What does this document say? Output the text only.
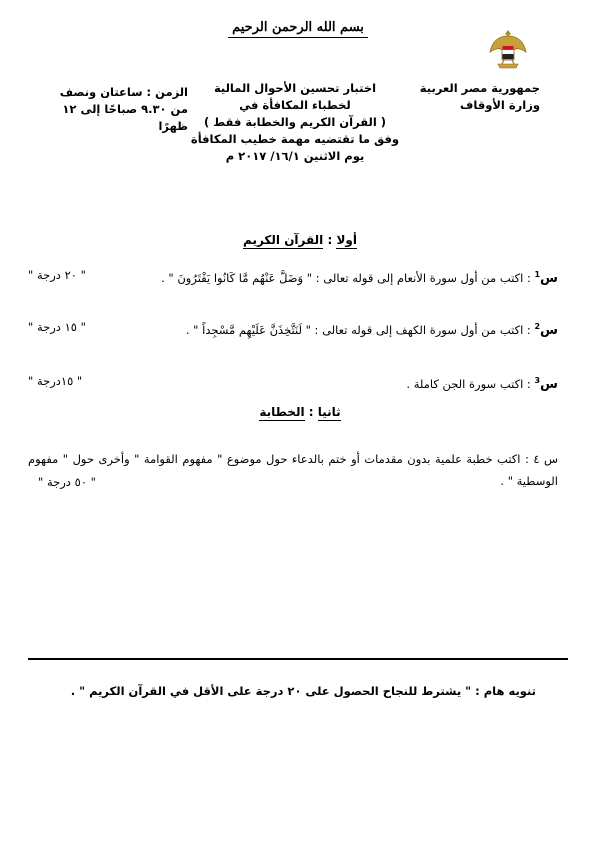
بسم الله الرحمن الرحيم
جمهورية مصر العربية
وزارة الأوقاف
اختبار تحسين الأحوال المالية
لخطباء المكافأة في
( القرآن الكريم والخطابة فقط )
وفق ما تقتضيه مهمة خطيب المكافأة
يوم الاثنين ١٦/١/ ٢٠١٧ م
الزمن : ساعتان ونصف
من ٩.٣٠ صباحًا إلى ١٢ ظهرًا
أولا : القرآن الكريم
س$^1$ : اكتب من أول سورة الأنعام إلى قوله تعالى : " وَضَلَّ عَنْهُم مَّا كَانُوا يَفْتَرُونَ " .
" ٢٠ درجة "
س$^2$ : اكتب من أول سورة الكهف إلى قوله تعالى : " لَنَتَّخِذَنَّ عَلَيْهِم مَّسْجِداً " .
" ١٥ درجة "
س$^3$ : اكتب سورة الجن كاملة .
" ١٥درجة "
ثانيا : الخطابة
س ٤ : اكتب خطبة علمية بدون مقدمات أو ختم بالدعاء حول موضوع " مفهوم القوامة " وأخرى حول " مفهوم الوسطية " .
" ٥٠ درجة "
تنويه هام : " يشترط للنجاح الحصول على ٢٠ درجة على الأقل في القرآن الكريم " .
